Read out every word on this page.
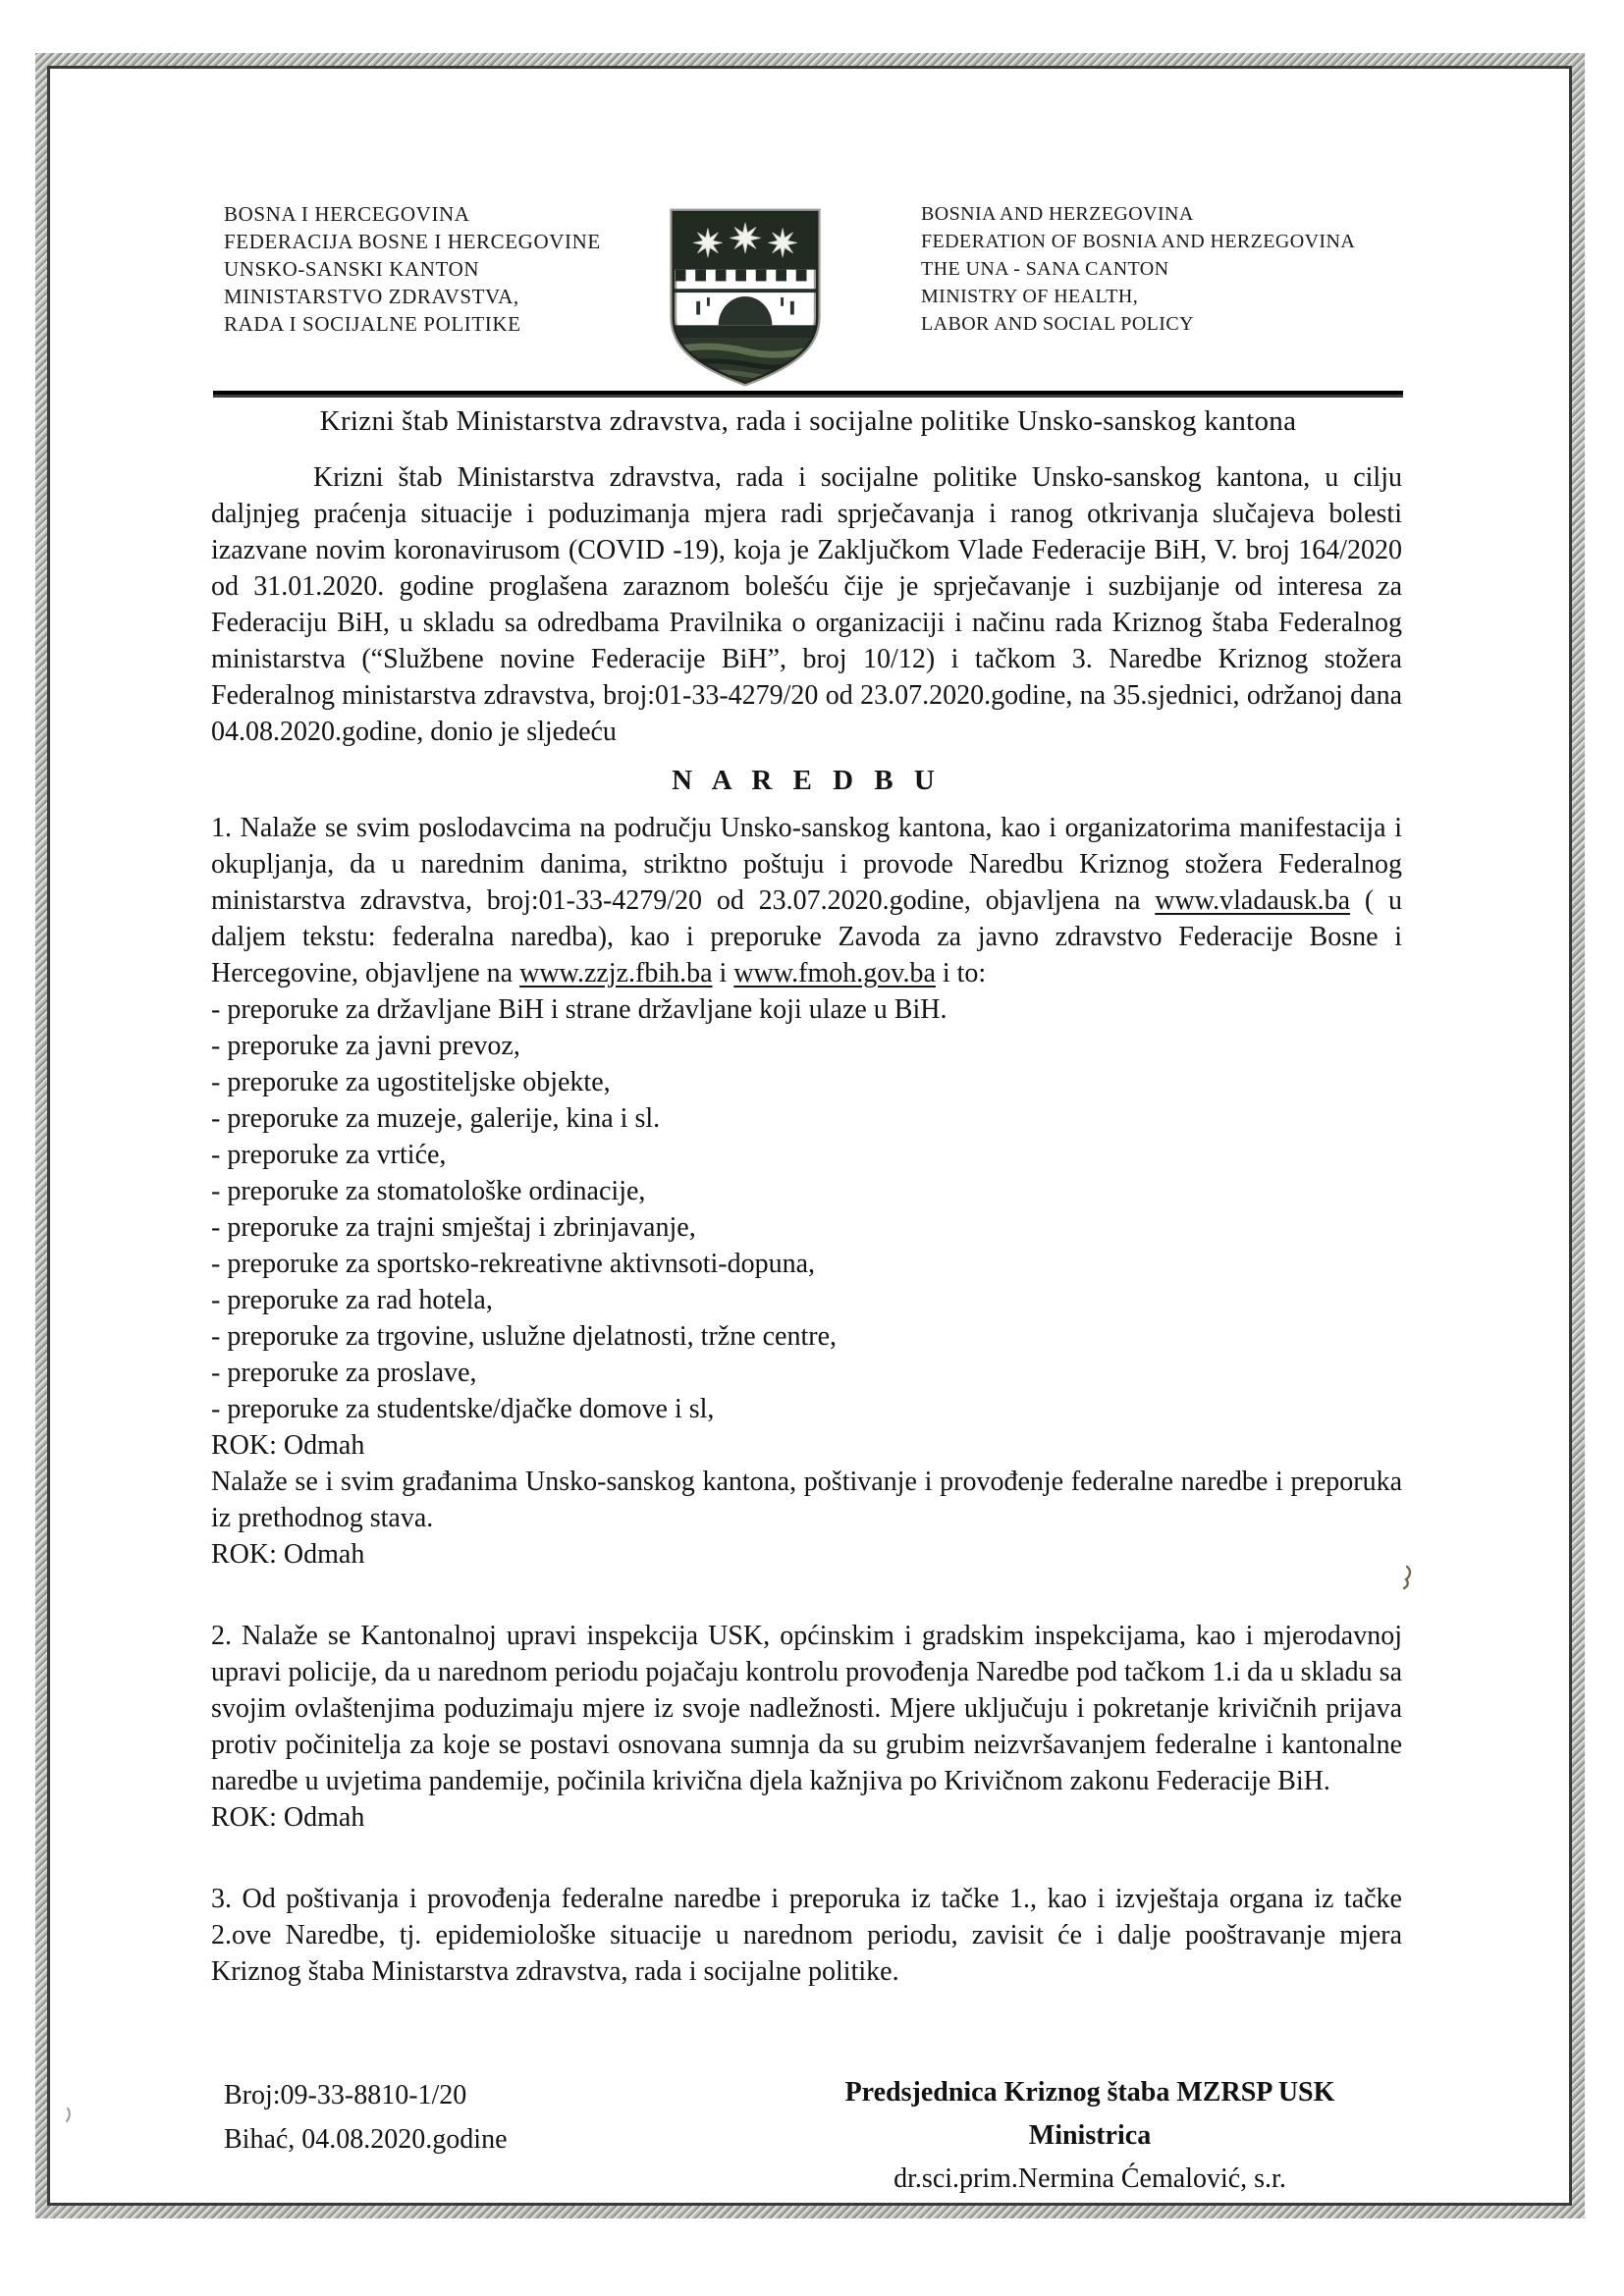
BOSNA I HERCEGOVINA
FEDERACIJA BOSNE I HERCEGOVINE
UNSKO-SANSKI KANTON
MINISTARSTVO ZDRAVSTVA,
RADA I SOCIJALNE POLITIKE
BOSNIA AND HERZEGOVINA
FEDERATION OF BOSNIA AND HERZEGOVINA
THE UNA - SANA CANTON
MINISTRY OF HEALTH,
LABOR AND SOCIAL POLICY
Krizni štab Ministarstva zdravstva, rada i socijalne politike Unsko-sanskog kantona

Krizni štab Ministarstva zdravstva, rada i socijalne politike Unsko-sanskog kantona, u cilju daljnjeg praćenja situacije i poduzimanja mjera radi sprječavanja i ranog otkrivanja slučajeva bolesti izazvane novim koronavirusom (COVID -19), koja je Zaključkom Vlade Federacije BiH, V. broj 164/2020 od 31.01.2020. godine proglašena zaraznom bolešću čije je sprječavanje i suzbijanje od interesa za Federaciju BiH, u skladu sa odredbama Pravilnika o organizaciji i načinu rada Kriznog štaba Federalnog ministarstva (“Službene novine Federacije BiH”, broj 10/12) i tačkom 3. Naredbe Kriznog stožera Federalnog ministarstva zdravstva, broj:01-33-4279/20 od 23.07.2020.godine, na 35.sjednici, održanoj dana 04.08.2020.godine, donio je sljedeću

N A R E D B U

1. Nalaže se svim poslodavcima na području Unsko-sanskog kantona, kao i organizatorima manifestacija i okupljanja, da u narednim danima, striktno poštuju i provode Naredbu Kriznog stožera Federalnog ministarstva zdravstva, broj:01-33-4279/20 od 23.07.2020.godine, objavljena na www.vladausk.ba ( u daljem tekstu: federalna naredba), kao i preporuke Zavoda za javno zdravstvo Federacije Bosne i Hercegovine, objavljene na www.zzjz.fbih.ba i www.fmoh.gov.ba i to:

- preporuke za državljane BiH i strane državljane koji ulaze u BiH.

- preporuke za javni prevoz,

- preporuke za ugostiteljske objekte,

- preporuke za muzeje, galerije, kina i sl.

- preporuke za vrtiće,

- preporuke za stomatološke ordinacije,

- preporuke za trajni smještaj i zbrinjavanje,

- preporuke za sportsko-rekreativne aktivnsoti-dopuna,

- preporuke za rad hotela,

- preporuke za trgovine, uslužne djelatnosti, tržne centre,

- preporuke za proslave,

- preporuke za studentske/djačke domove i sl,

ROK: Odmah

Nalaže se i svim građanima Unsko-sanskog kantona, poštivanje i provođenje federalne naredbe i preporuka iz prethodnog stava.

ROK: Odmah

2. Nalaže se Kantonalnoj upravi inspekcija USK, općinskim i gradskim inspekcijama, kao i mjerodavnoj upravi policije, da u narednom periodu pojačaju kontrolu provođenja Naredbe pod tačkom 1.i da u skladu sa svojim ovlaštenjima poduzimaju mjere iz svoje nadležnosti. Mjere uključuju i pokretanje krivičnih prijava protiv počinitelja za koje se postavi osnovana sumnja da su grubim neizvršavanjem federalne i kantonalne naredbe u uvjetima pandemije, počinila krivična djela kažnjiva po Krivičnom zakonu Federacije BiH.

ROK: Odmah

3. Od poštivanja i provođenja federalne naredbe i preporuka iz tačke 1., kao i izvještaja organa iz tačke 2.ove Naredbe, tj. epidemiološke situacije u narednom periodu, zavisit će i dalje pooštravanje mjera Kriznog štaba Ministarstva zdravstva, rada i socijalne politike.

Broj:09-33-8810-1/20
Bihać, 04.08.2020.godine
Predsjednica Kriznog štaba MZRSP USK
Ministrica
dr.sci.prim.Nermina Ćemalović, s.r.
